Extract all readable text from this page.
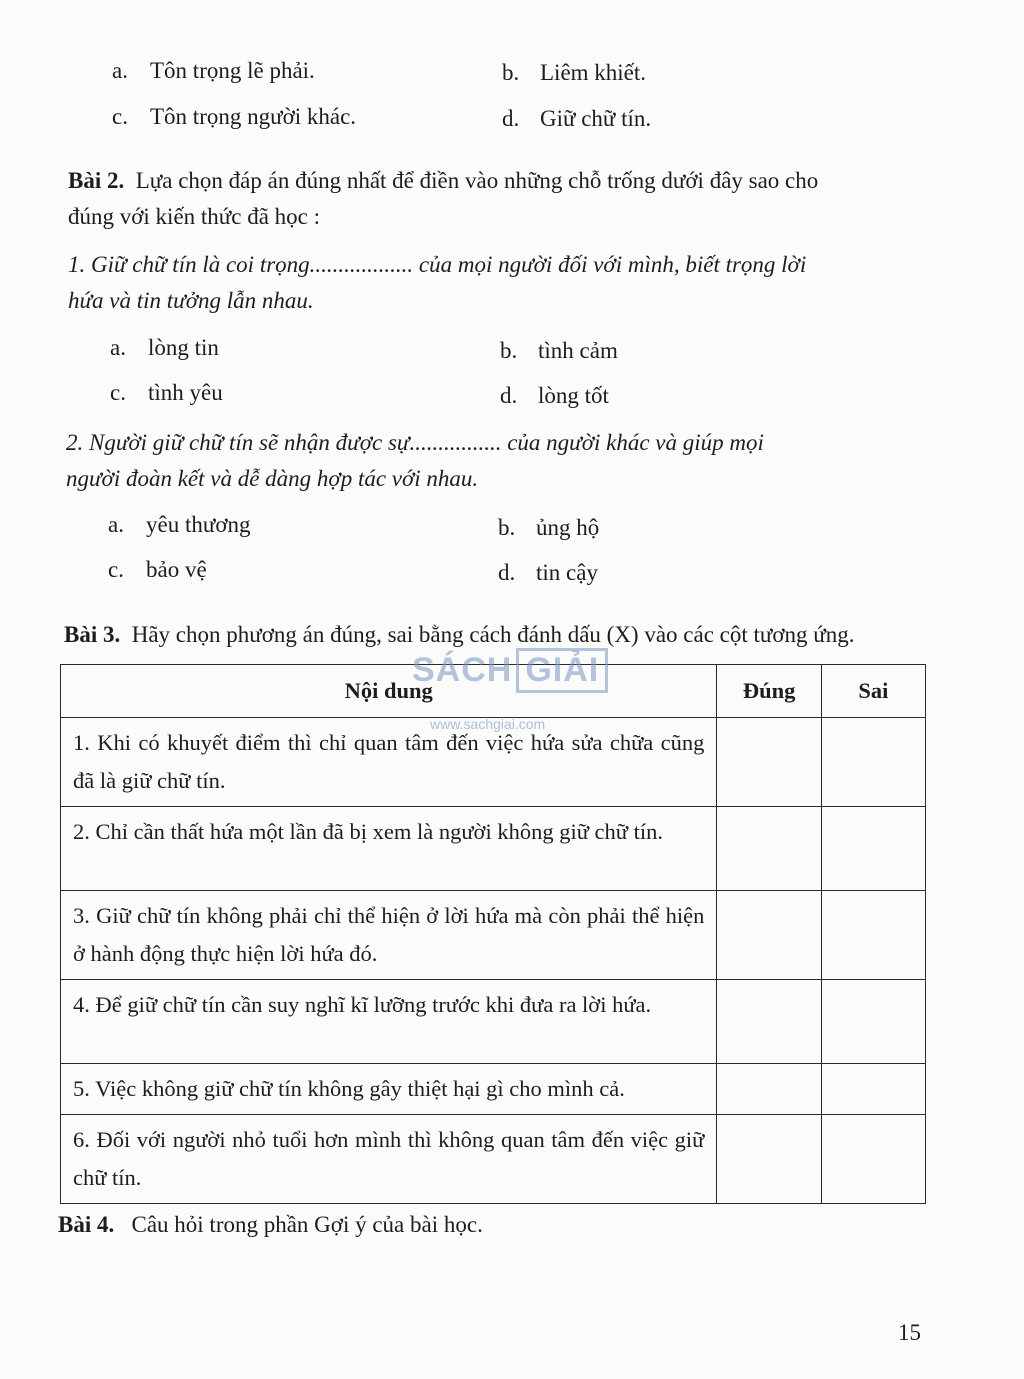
a. Tôn trọng lẽ phải.	b. Liêm khiết.
c. Tôn trọng người khác.	d. Giữ chữ tín.
Bài 2. Lựa chọn đáp án đúng nhất để điền vào những chỗ trống dưới đây sao cho
đúng với kiến thức đã học :
1. Giữ chữ tín là coi trọng.................. của mọi người đối với mình, biết trọng lời
hứa và tin tưởng lẫn nhau.
a. lòng tin	b. tình cảm
c. tình yêu	d. lòng tốt
2. Người giữ chữ tín sẽ nhận được sự................ của người khác và giúp mọi
người đoàn kết và dễ dàng hợp tác với nhau.
a. yêu thương	b. ủng hộ
c. bảo vệ	d. tin cậy
Bài 3. Hãy chọn phương án đúng, sai bằng cách đánh dấu (X) vào các cột tương ứng.
Nội dung	Đúng	Sai
1. Khi có khuyết điểm thì chỉ quan tâm đến việc hứa sửa chữa cũng đã là giữ chữ tín.		
2. Chỉ cần thất hứa một lần đã bị xem là người không giữ chữ tín.		
3. Giữ chữ tín không phải chỉ thể hiện ở lời hứa mà còn phải thể hiện ở hành động thực hiện lời hứa đó.		
4. Để giữ chữ tín cần suy nghĩ kĩ lưỡng trước khi đưa ra lời hứa.		
5. Việc không giữ chữ tín không gây thiệt hại gì cho mình cả.		
6. Đối với người nhỏ tuổi hơn mình thì không quan tâm đến việc giữ chữ tín.		
SÁCH GIẢI
www.sachgiai.com
Bài 4. Câu hỏi trong phần Gợi ý của bài học.
15
